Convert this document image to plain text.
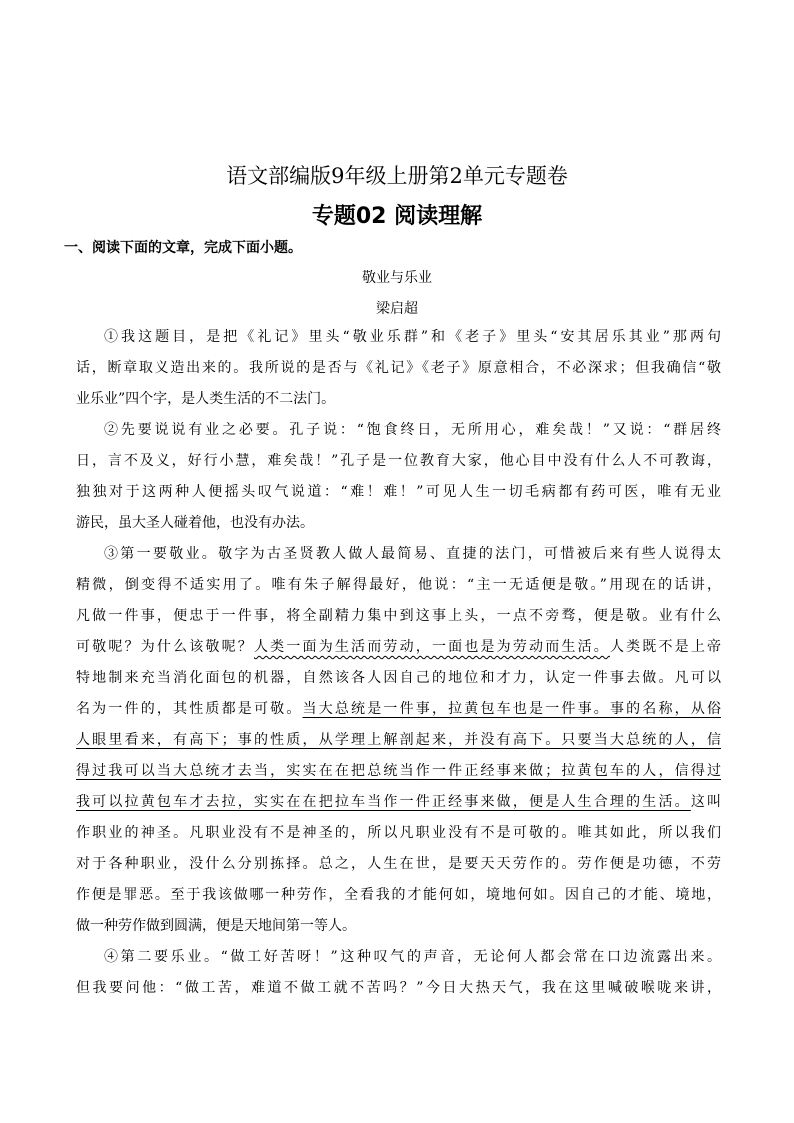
语文部编版9年级上册第2单元专题卷
专题02 阅读理解
一、阅读下面的文章，完成下面小题。
敬业与乐业
梁启超
①我这题目，是把《礼记》里头“敬业乐群”和《老子》里头“安其居乐其业”那两句
话，断章取义造出来的。我所说的是否与《礼记》《老子》原意相合，不必深求；但我确信“敬
业乐业”四个字，是人类生活的不二法门。
②先要说说有业之必要。孔子说：“饱食终日，无所用心，难矣哉！”又说：“群居终
日，言不及义，好行小慧，难矣哉！”孔子是一位教育大家，他心目中没有什么人不可教诲，
独独对于这两种人便摇头叹气说道：“难！难！”可见人生一切毛病都有药可医，唯有无业
游民，虽大圣人碰着他，也没有办法。
③第一要敬业。敬字为古圣贤教人做人最简易、直捷的法门，可惜被后来有些人说得太
精微，倒变得不适实用了。唯有朱子解得最好，他说：“主一无适便是敬。”用现在的话讲，
凡做一件事，便忠于一件事，将全副精力集中到这事上头，一点不旁骛，便是敬。业有什么
可敬呢？为什么该敬呢？人类一面为生活而劳动，一面也是为劳动而生活。人类既不是上帝
特地制来充当消化面包的机器，自然该各人因自己的地位和才力，认定一件事去做。凡可以
名为一件的，其性质都是可敬。当大总统是一件事，拉黄包车也是一件事。事的名称，从俗
人眼里看来，有高下；事的性质，从学理上解剖起来，并没有高下。只要当大总统的人，信
得过我可以当大总统才去当，实实在在把总统当作一件正经事来做；拉黄包车的人，信得过
我可以拉黄包车才去拉，实实在在把拉车当作一件正经事来做，便是人生合理的生活。这叫
作职业的神圣。凡职业没有不是神圣的，所以凡职业没有不是可敬的。唯其如此，所以我们
对于各种职业，没什么分别拣择。总之，人生在世，是要天天劳作的。劳作便是功德，不劳
作便是罪恶。至于我该做哪一种劳作，全看我的才能何如，境地何如。因自己的才能、境地，
做一种劳作做到圆满，便是天地间第一等人。
④第二要乐业。“做工好苦呀！”这种叹气的声音，无论何人都会常在口边流露出来。
但我要问他：“做工苦，难道不做工就不苦吗？”今日大热天气，我在这里喊破喉咙来讲，
